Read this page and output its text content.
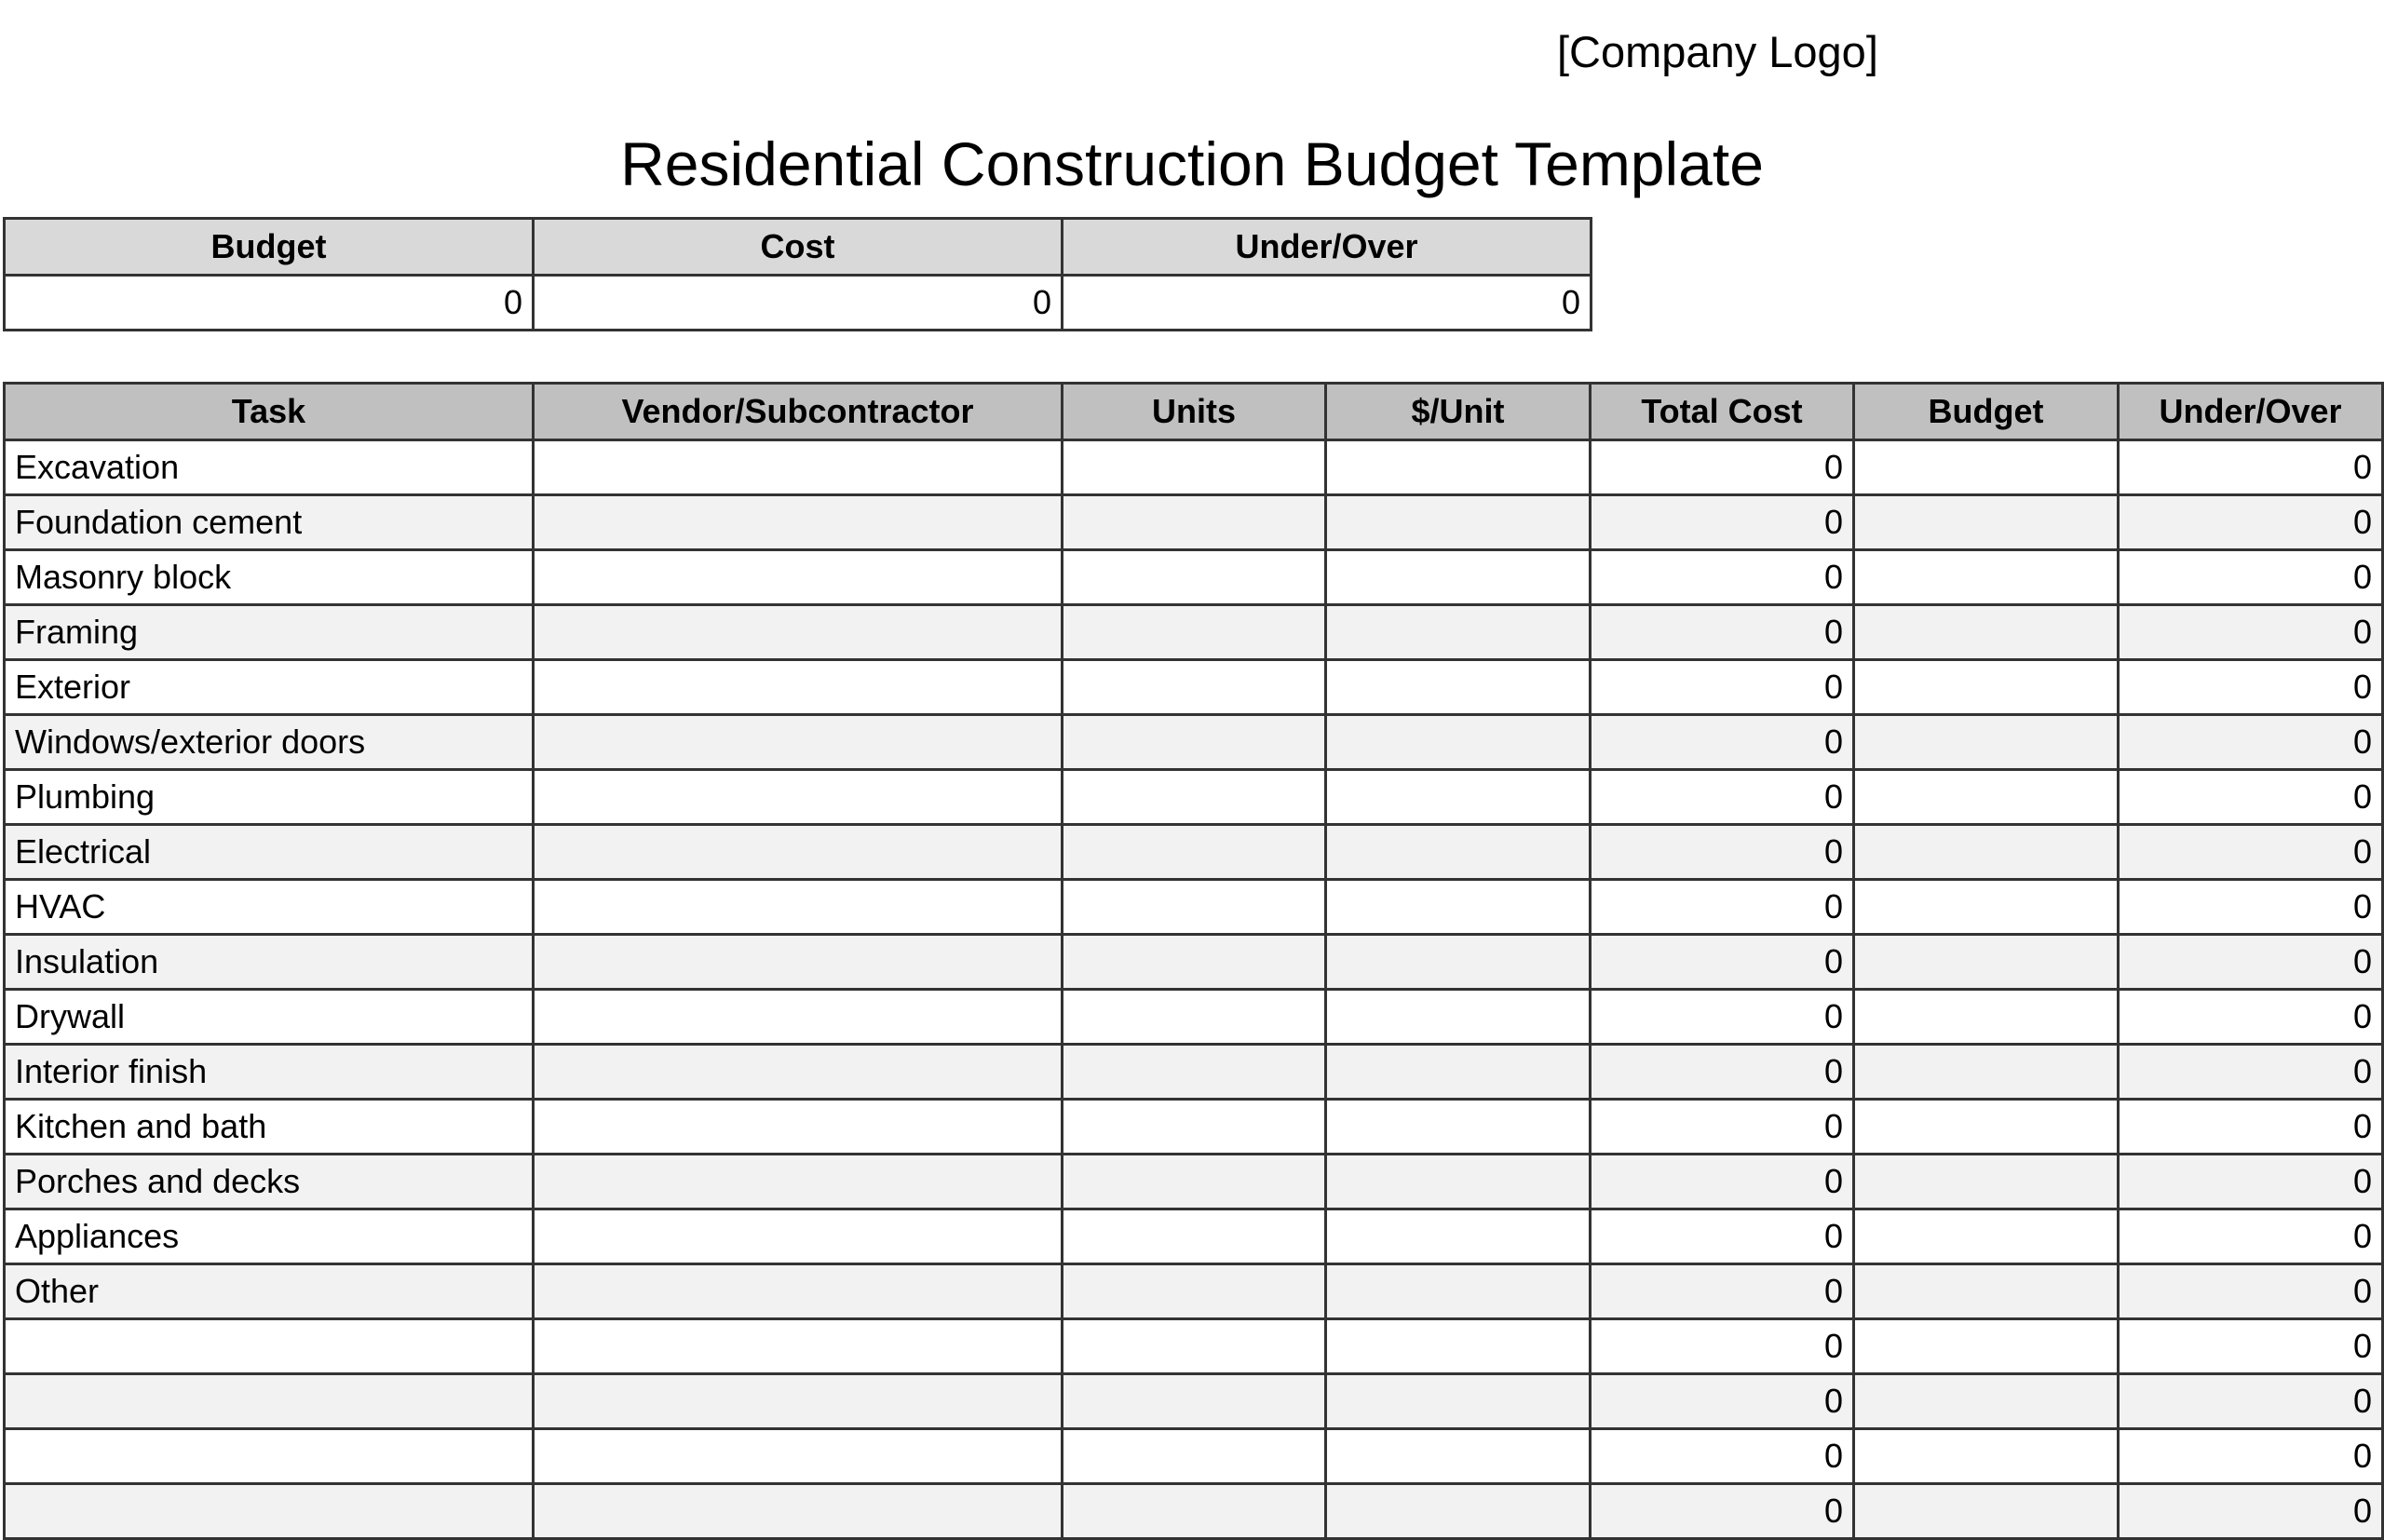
[Company Logo]
Residential Construction Budget Template
Budget	Cost	Under/Over
0	0	0
Task	Vendor/Subcontractor	Units	$/Unit	Total Cost	Budget	Under/Over
Excavation				0		0
Foundation cement				0		0
Masonry block				0		0
Framing				0		0
Exterior				0		0
Windows/exterior doors				0		0
Plumbing				0		0
Electrical				0		0
HVAC				0		0
Insulation				0		0
Drywall				0		0
Interior finish				0		0
Kitchen and bath				0		0
Porches and decks				0		0
Appliances				0		0
Other				0		0
				0		0
				0		0
				0		0
				0		0
